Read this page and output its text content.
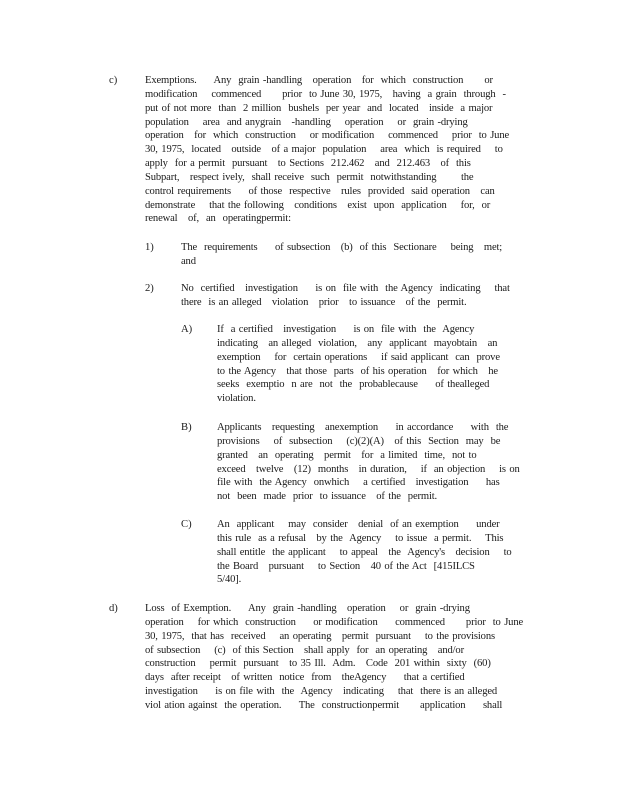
c)	Exemptions.     Any  grain -handling   operation   for  which  construction      or
modification    commenced      prior  to June 30, 1975,   having  a grain  through  -
put of not more  than  2 million  bushels  per year  and  located   inside  a major
population    area  and anygrain   -handling    operation    or  grain -drying
operation   for  which  construction    or modification    commenced    prior  to June
30, 1975,  located   outside   of a major  population    area  which  is required    to
apply  for a permit  pursuant   to Sections  212.462   and  212.463   of  this
Subpart,   respect ively,  shall receive  such  permit  notwithstanding       the
control requirements     of those  respective   rules  provided  said operation   can
demonstrate    that the following   conditions   exist  upon  application    for,  or
renewal   of,  an  operatingpermit:
1)	The  requirements     of subsection   (b)  of this  Sectionare    being   met;
and
2)	No  certified   investigation     is on  file with  the Agency  indicating    that
there  is an alleged   violation   prior   to issuance   of the  permit.
A) If  a certified   investigation     is on  file with  the  Agency
indicating   an alleged  violation,   any  applicant  mayobtain   an
exemption    for  certain operations    if said applicant  can  prove
to the Agency   that those  parts  of his operation   for which   he
seeks  exemptio  n are  not  the  probablecause     of thealleged
violation.
B) Applicants   requesting   anexemption     in accordance     with  the
provisions    of  subsection    (c)(2)(A)   of this  Section  may  be
granted   an  operating   permit   for  a limited  time,  not to
exceed   twelve   (12)  months   in duration,    if  an objection    is on
file with  the Agency  onwhich    a certified   investigation     has
not  been  made  prior  to issuance   of the  permit.
C) An  applicant    may  consider   denial  of an exemption     under
this rule  as a refusal   by the  Agency    to issue  a permit.    This
shall entitle  the applicant    to appeal   the  Agency's   decision    to
the Board   pursuant    to Section   40 of the Act  [415ILCS
5/40].
d)	Loss  of Exemption.     Any  grain -handling   operation    or  grain -drying
operation    for which  construction     or modification     commenced      prior  to June
30, 1975,  that has  received    an operating   permit  pursuant    to the provisions
of subsection    (c)  of this Section   shall apply  for  an operating   and/or
construction    permit  pursuant   to 35 Ill.  Adm.   Code  201 within  sixty  (60)
days  after receipt   of written  notice  from   theAgency     that a certified
investigation     is on file with  the  Agency   indicating    that  there is an alleged
viol ation against  the operation.     The  constructionpermit      application     shall
